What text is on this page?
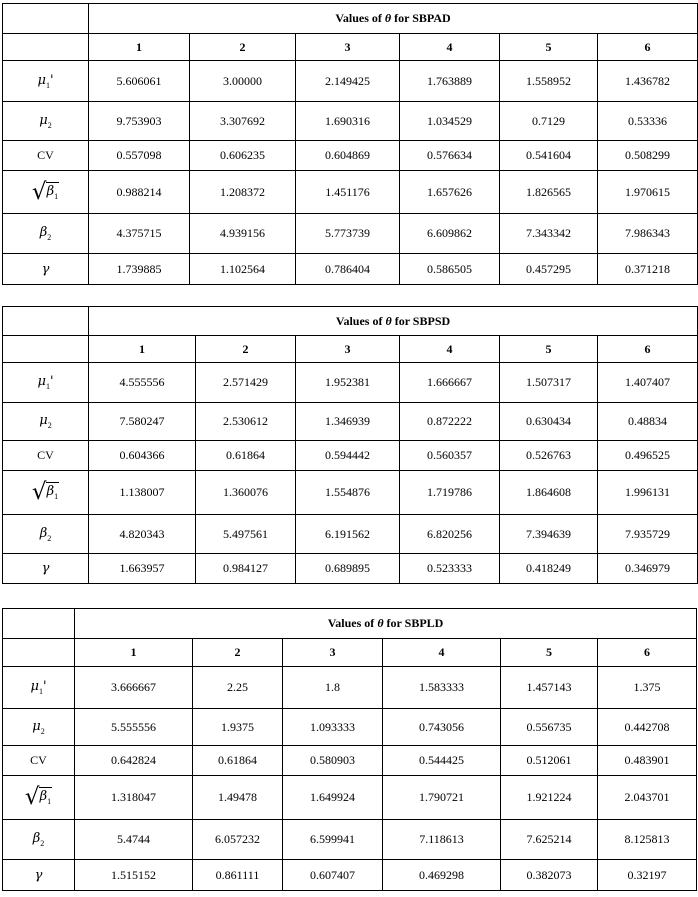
	Values of θ for SBPAD					
	1	2	3	4	5	6
$\mu_1'$	5.606061	3.00000	2.149425	1.763889	1.558952	1.436782
$\mu_2$	9.753903	3.307692	1.690316	1.034529	0.7129	0.53336
CV	0.557098	0.606235	0.604869	0.576634	0.541604	0.508299

√ $\beta_1$	0.988214	1.208372	1.451176	1.657626	1.826565	1.970615
$\beta_2$	4.375715	4.939156	5.773739	6.609862	7.343342	7.986343
γ	1.739885	1.102564	0.786404	0.586505	0.457295	0.371218
	Values of θ for SBPSD					
	1	2	3	4	5	6
$\mu_1'$	4.555556	2.571429	1.952381	1.666667	1.507317	1.407407
$\mu_2$	7.580247	2.530612	1.346939	0.872222	0.630434	0.48834
CV	0.604366	0.61864	0.594442	0.560357	0.526763	0.496525

√ $\beta_1$	1.138007	1.360076	1.554876	1.719786	1.864608	1.996131
$\beta_2$	4.820343	5.497561	6.191562	6.820256	7.394639	7.935729
γ	1.663957	0.984127	0.689895	0.523333	0.418249	0.346979
	Values of θ for SBPLD					
	1	2	3	4	5	6
$\mu_1'$	3.666667	2.25	1.8	1.583333	1.457143	1.375
$\mu_2$	5.555556	1.9375	1.093333	0.743056	0.556735	0.442708
CV	0.642824	0.61864	0.580903	0.544425	0.512061	0.483901

√ $\beta_1$	1.318047	1.49478	1.649924	1.790721	1.921224	2.043701
$\beta_2$	5.4744	6.057232	6.599941	7.118613	7.625214	8.125813
γ	1.515152	0.861111	0.607407	0.469298	0.382073	0.32197
